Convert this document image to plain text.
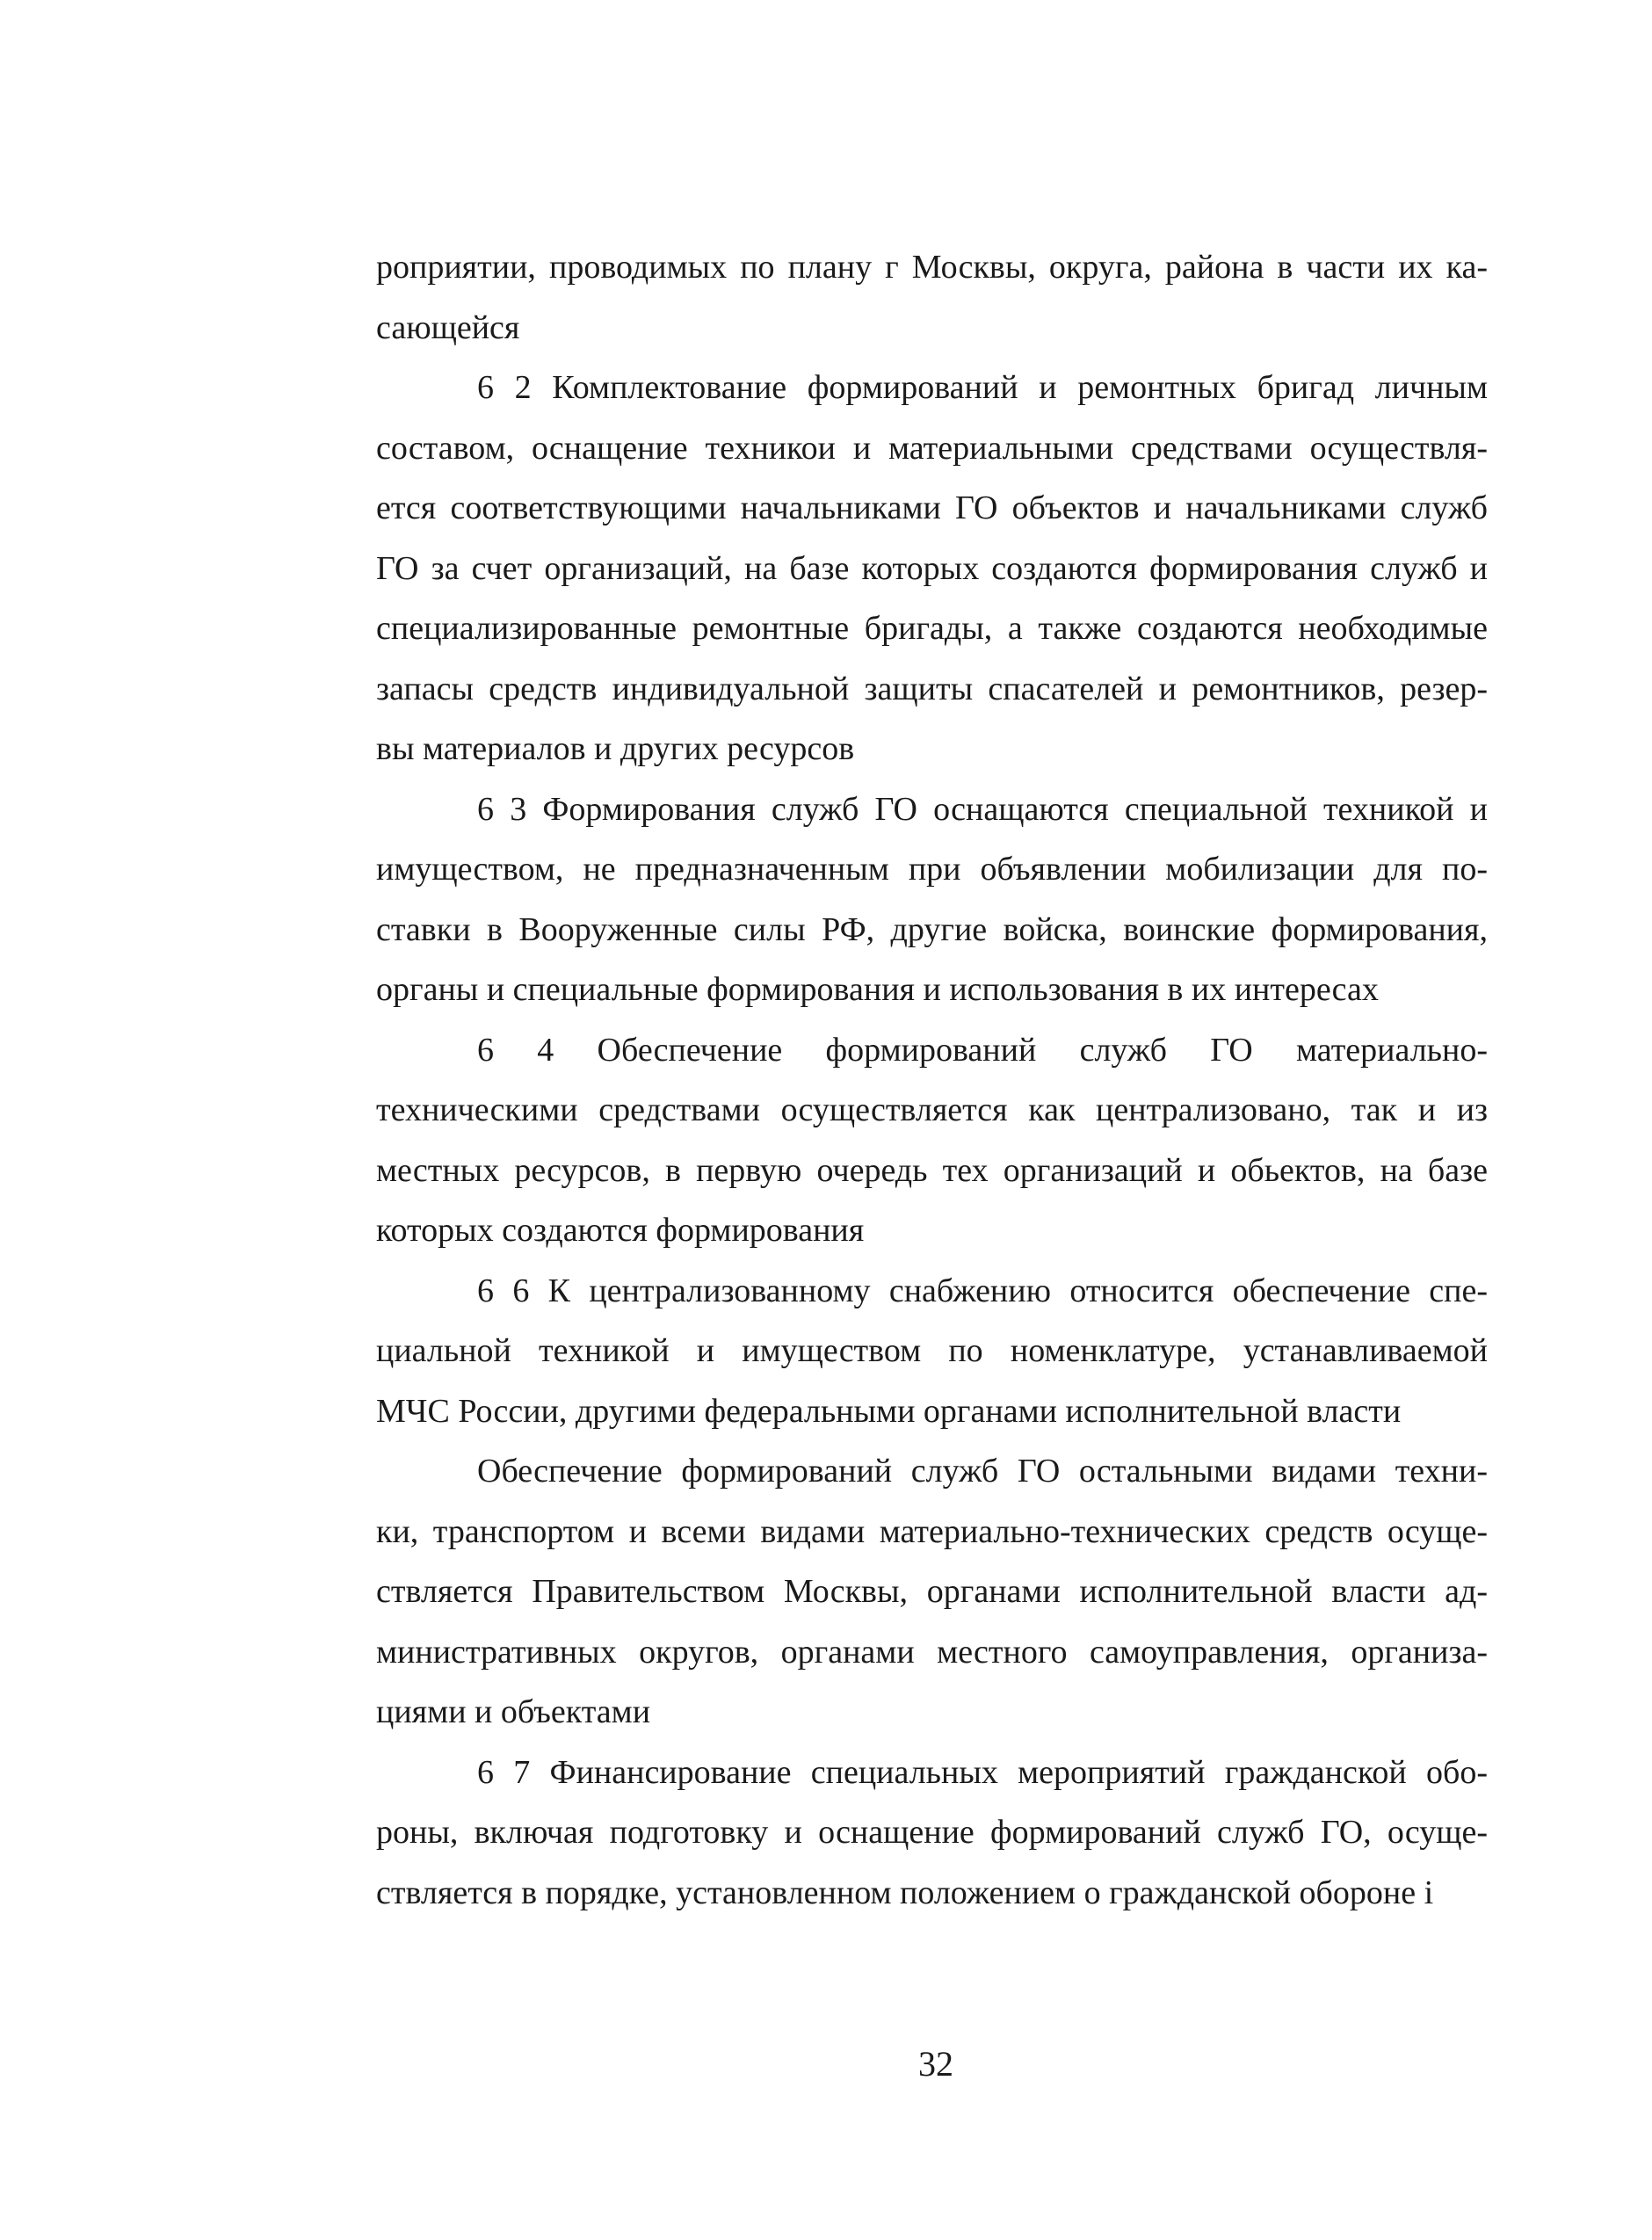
роприятии, проводимых по плану г Москвы, округа, района в части их ка-
сающейся
6 2 Комплектование формирований и ремонтных бригад личным
составом, оснащение техникои и материальными средствами осуществля-
ется соответствующими начальниками ГО объектов и начальниками служб
ГО за счет организаций, на базе которых создаются формирования служб и
специализированные ремонтные бригады, а также создаются необходимые
запасы средств индивидуальной защиты спасателей и ремонтников, резер-
вы материалов и других ресурсов
6 3 Формирования служб ГО оснащаются специальной техникой и
имуществом, не предназначенным при объявлении мобилизации для по-
ставки в Вооруженные силы РФ, другие войска, воинские формирования,
органы и специальные формирования и использования в их интересах
6 4 Обеспечение формирований служб ГО материально-
техническими средствами осуществляется как централизовано, так и из
местных ресурсов, в первую очередь тех организаций и обьектов, на базе
которых создаются формирования
6 6 К централизованному снабжению относится обеспечение спе-
циальной техникой и имуществом по номенклатуре, устанавливаемой
МЧС России, другими федеральными органами исполнительной власти
Обеспечение формирований служб ГО остальными видами техни-
ки, транспортом и всеми видами материально-технических средств осуще-
ствляется Правительством Москвы, органами исполнительной власти ад-
министративных округов, органами местного самоуправления, организа-
циями и объектами
6 7 Финансирование специальных мероприятий гражданской обо-
роны, включая подготовку и оснащение формирований служб ГО, осуще-
ствляется в порядке, установленном положением о гражданской обороне і
32
